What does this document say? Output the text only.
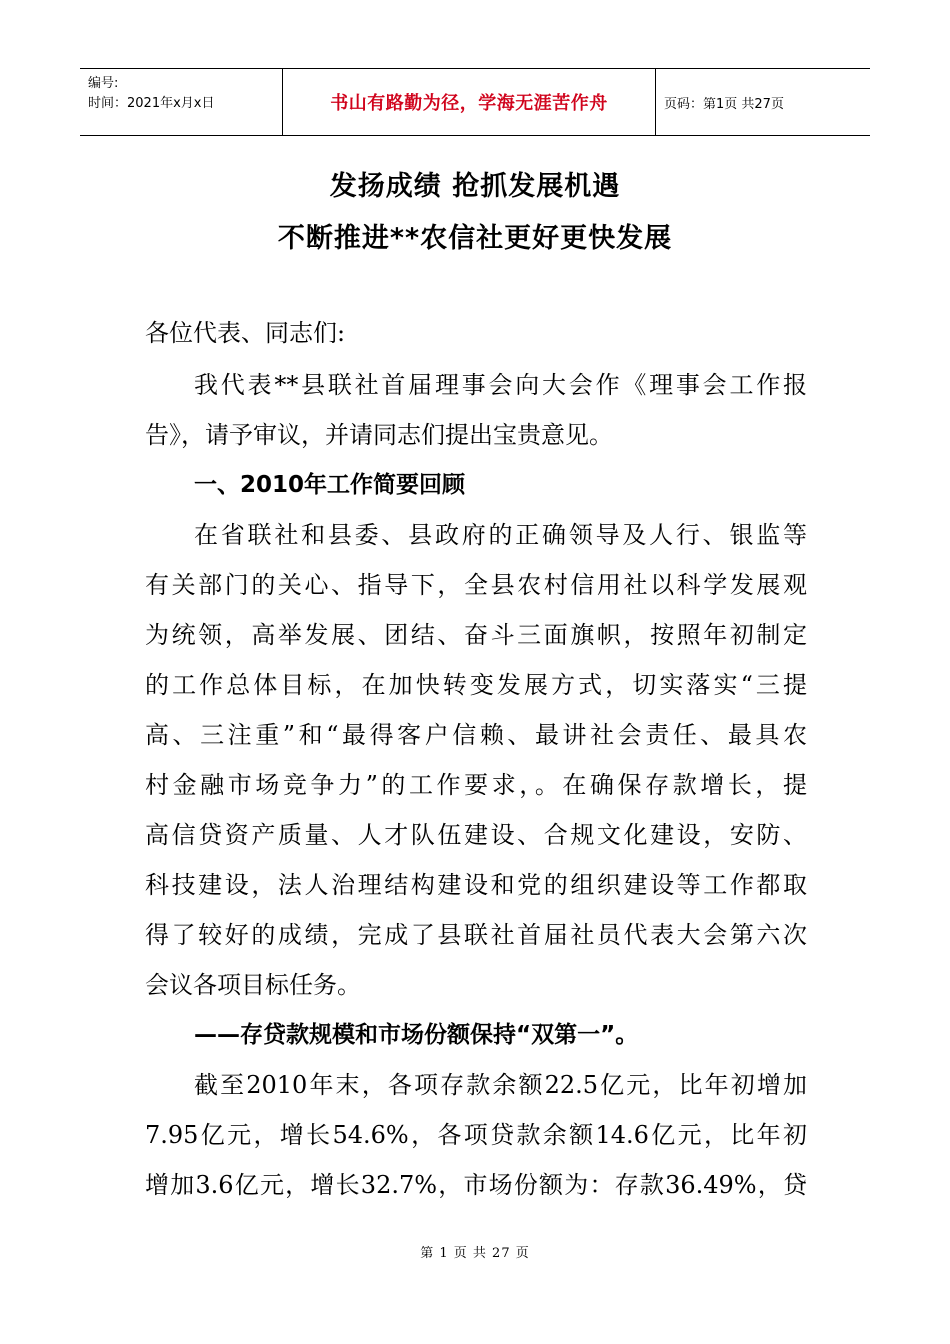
编号:
时间：2021年x月x日	书山有路勤为径，学海无涯苦作舟	页码：第1页 共27页
发扬成绩 抢抓发展机遇
不断推进**农信社更好更快发展
各位代表、同志们:
我代表**县联社首届理事会向大会作《理事会工作报
告》，请予审议，并请同志们提出宝贵意见。
一、2010年工作简要回顾
在省联社和县委、县政府的正确领导及人行、银监等
有关部门的关心、指导下，全县农村信用社以科学发展观
为统领，高举发展、团结、奋斗三面旗帜，按照年初制定
的工作总体目标，在加快转变发展方式，切实落实“三提
高、三注重”和“最得客户信赖、最讲社会责任、最具农
村金融市场竞争力”的工作要求，。在确保存款增长，提
高信贷资产质量、人才队伍建设、合规文化建设，安防、
科技建设，法人治理结构建设和党的组织建设等工作都取
得了较好的成绩，完成了县联社首届社员代表大会第六次
会议各项目标任务。
——存贷款规模和市场份额保持“双第一”。
截至2010年末，各项存款余额22.5亿元，比年初增加
7.95亿元，增长54.6%，各项贷款余额14.6亿元，比年初
增加3.6亿元，增长32.7%，市场份额为：存款36.49%，贷
第 1 页 共 27 页
